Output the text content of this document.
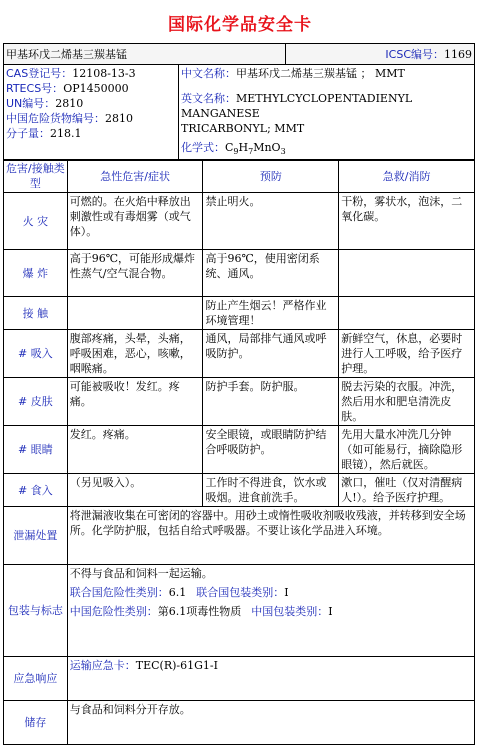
国际化学品安全卡
甲基环戊二烯基三羰基锰	ICSC编号：1169
CAS登记号：12108-13-3
RTECS号：OP1450000
UN编号：2810
中国危险货物编号：2810
分子量：218.1

中文名称：甲基环戊二烯基三羰基锰 ； MMT
英文名称：METHYLCYCLOPENTADIENYL MANGANESE
TRICARBONYL; MMT
化学式：$C_9H_7MnO_3$
危害/接触类型	急性危害/症状	预防	急救/消防
火 灾	可燃的。在火焰中释放出刺激性或有毒烟雾（或气体）。	禁止明火。	干粉，雾状水，泡沫，二氧化碳。
爆 炸	高于96℃，可能形成爆炸性蒸气/空气混合物。	高于96℃，使用密闭系统、通风。	
接 触		防止产生烟云！严格作业环境管理！	
# 吸入	腹部疼痛，头晕，头痛，呼吸困难，恶心，咳嗽，咽喉痛。	通风，局部排气通风或呼吸防护。	新鲜空气，休息，必要时进行人工呼吸，给予医疗护理。
# 皮肤	可能被吸收！发红。疼痛。	防护手套。防护服。	脱去污染的衣服。冲洗，然后用水和肥皂清洗皮肤。
# 眼睛	发红。疼痛。	安全眼镜，或眼睛防护结合呼吸防护。	先用大量水冲洗几分钟（如可能易行，摘除隐形眼镜），然后就医。
# 食入	（另见吸入）。	工作时不得进食，饮水或吸烟。进食前洗手。	漱口，催吐（仅对清醒病人!）。给予医疗护理。
泄漏处置	将泄漏液收集在可密闭的容器中。用砂土或惰性吸收剂吸收残液，并转移到安全场所。化学防护服，包括自给式呼吸器。不要让该化学品进入环境。		
包装与标志	不得与食品和饲料一起运输。
联合国危险性类别：6.1 联合国包装类别：I
中国危险性类别：第6.1项毒性物质 中国包装类别：I		

应急响应	运输应急卡：TEC(R)-61G1-I		
储存	与食品和饲料分开存放。		
